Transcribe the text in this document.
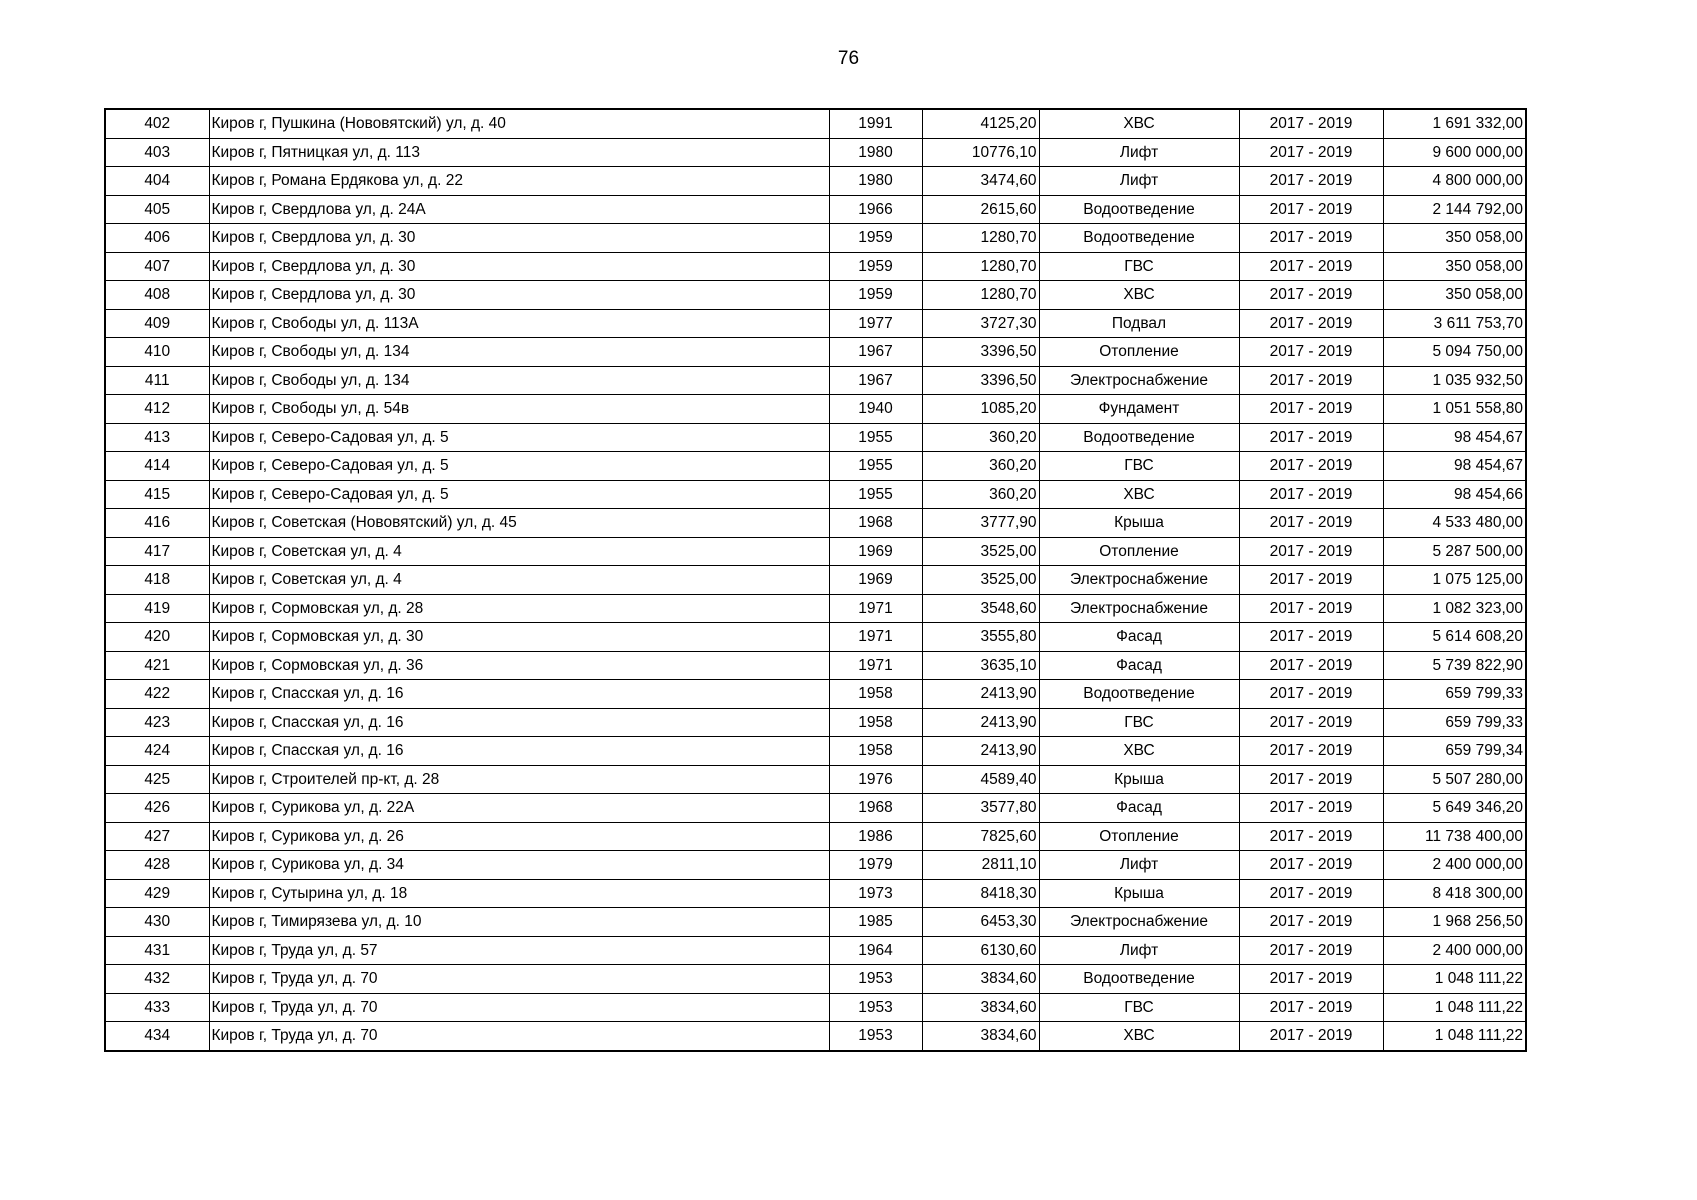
76
402	Киров г, Пушкина (Нововятский) ул, д. 40	1991	4125,20	ХВС	2017 - 2019	1 691 332,00
403	Киров г, Пятницкая ул, д. 113	1980	10776,10	Лифт	2017 - 2019	9 600 000,00
404	Киров г, Романа Ердякова ул, д. 22	1980	3474,60	Лифт	2017 - 2019	4 800 000,00
405	Киров г, Свердлова ул, д. 24А	1966	2615,60	Водоотведение	2017 - 2019	2 144 792,00
406	Киров г, Свердлова ул, д. 30	1959	1280,70	Водоотведение	2017 - 2019	350 058,00
407	Киров г, Свердлова ул, д. 30	1959	1280,70	ГВС	2017 - 2019	350 058,00
408	Киров г, Свердлова ул, д. 30	1959	1280,70	ХВС	2017 - 2019	350 058,00
409	Киров г, Свободы ул, д. 113А	1977	3727,30	Подвал	2017 - 2019	3 611 753,70
410	Киров г, Свободы ул, д. 134	1967	3396,50	Отопление	2017 - 2019	5 094 750,00
411	Киров г, Свободы ул, д. 134	1967	3396,50	Электроснабжение	2017 - 2019	1 035 932,50
412	Киров г, Свободы ул, д. 54в	1940	1085,20	Фундамент	2017 - 2019	1 051 558,80
413	Киров г, Северо-Садовая ул, д. 5	1955	360,20	Водоотведение	2017 - 2019	98 454,67
414	Киров г, Северо-Садовая ул, д. 5	1955	360,20	ГВС	2017 - 2019	98 454,67
415	Киров г, Северо-Садовая ул, д. 5	1955	360,20	ХВС	2017 - 2019	98 454,66
416	Киров г, Советская (Нововятский) ул, д. 45	1968	3777,90	Крыша	2017 - 2019	4 533 480,00
417	Киров г, Советская ул, д. 4	1969	3525,00	Отопление	2017 - 2019	5 287 500,00
418	Киров г, Советская ул, д. 4	1969	3525,00	Электроснабжение	2017 - 2019	1 075 125,00
419	Киров г, Сормовская ул, д. 28	1971	3548,60	Электроснабжение	2017 - 2019	1 082 323,00
420	Киров г, Сормовская ул, д. 30	1971	3555,80	Фасад	2017 - 2019	5 614 608,20
421	Киров г, Сормовская ул, д. 36	1971	3635,10	Фасад	2017 - 2019	5 739 822,90
422	Киров г, Спасская ул, д. 16	1958	2413,90	Водоотведение	2017 - 2019	659 799,33
423	Киров г, Спасская ул, д. 16	1958	2413,90	ГВС	2017 - 2019	659 799,33
424	Киров г, Спасская ул, д. 16	1958	2413,90	ХВС	2017 - 2019	659 799,34
425	Киров г, Строителей пр-кт, д. 28	1976	4589,40	Крыша	2017 - 2019	5 507 280,00
426	Киров г, Сурикова ул, д. 22А	1968	3577,80	Фасад	2017 - 2019	5 649 346,20
427	Киров г, Сурикова ул, д. 26	1986	7825,60	Отопление	2017 - 2019	11 738 400,00
428	Киров г, Сурикова ул, д. 34	1979	2811,10	Лифт	2017 - 2019	2 400 000,00
429	Киров г, Сутырина ул, д. 18	1973	8418,30	Крыша	2017 - 2019	8 418 300,00
430	Киров г, Тимирязева ул, д. 10	1985	6453,30	Электроснабжение	2017 - 2019	1 968 256,50
431	Киров г, Труда ул, д. 57	1964	6130,60	Лифт	2017 - 2019	2 400 000,00
432	Киров г, Труда ул, д. 70	1953	3834,60	Водоотведение	2017 - 2019	1 048 111,22
433	Киров г, Труда ул, д. 70	1953	3834,60	ГВС	2017 - 2019	1 048 111,22
434	Киров г, Труда ул, д. 70	1953	3834,60	ХВС	2017 - 2019	1 048 111,22
